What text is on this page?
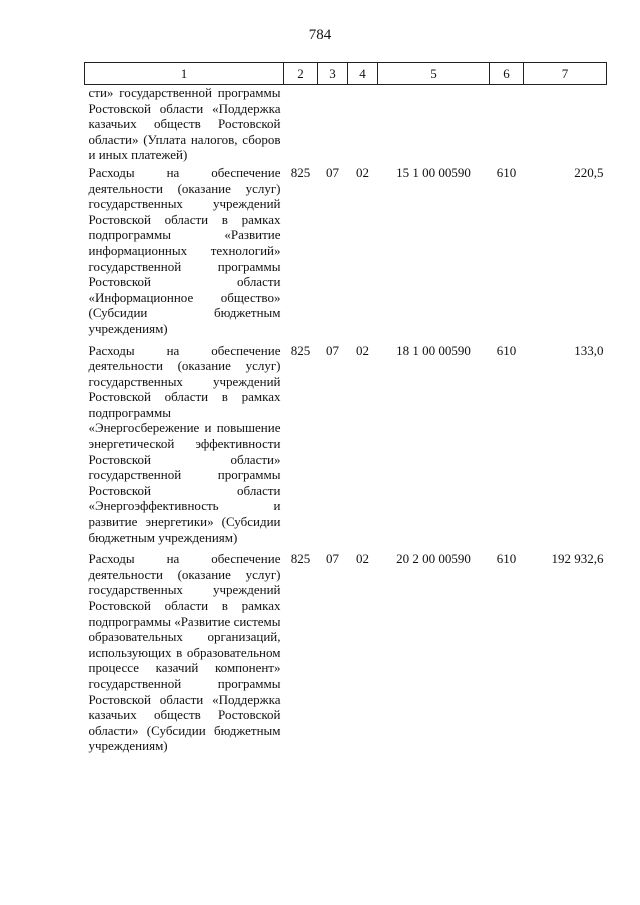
784
1	2	3	4	5	6	7
сти» государственной программы Ростовской области «Поддержка казачьих обществ Ростовской области» (Уплата налогов, сборов и иных платежей)						
Расходы на обеспечение деятельности (оказание услуг) государственных учреждений Ростовской области в рамках подпрограммы «Развитие информационных технологий» государственной программы Ростовской области «Информационное общество» (Субсидии бюджетным учреждениям)	825	07	02	15 1 00 00590	610	220,5
Расходы на обеспечение деятельности (оказание услуг) государственных учреждений Ростовской области в рамках подпрограммы «Энергосбережение и повышение энергетической эффективности Ростовской области» государственной программы Ростовской области «Энергоэффективность и развитие энергетики» (Субсидии бюджетным учреждениям)	825	07	02	18 1 00 00590	610	133,0
Расходы на обеспечение деятельности (оказание услуг) государственных учреждений Ростовской области в рамках подпрограммы «Развитие системы образовательных организаций, использующих в образовательном процессе казачий компонент» государственной программы Ростовской области «Поддержка казачьих обществ Ростовской области» (Субсидии бюджетным учреждениям)	825	07	02	20 2 00 00590	610	192 932,6
